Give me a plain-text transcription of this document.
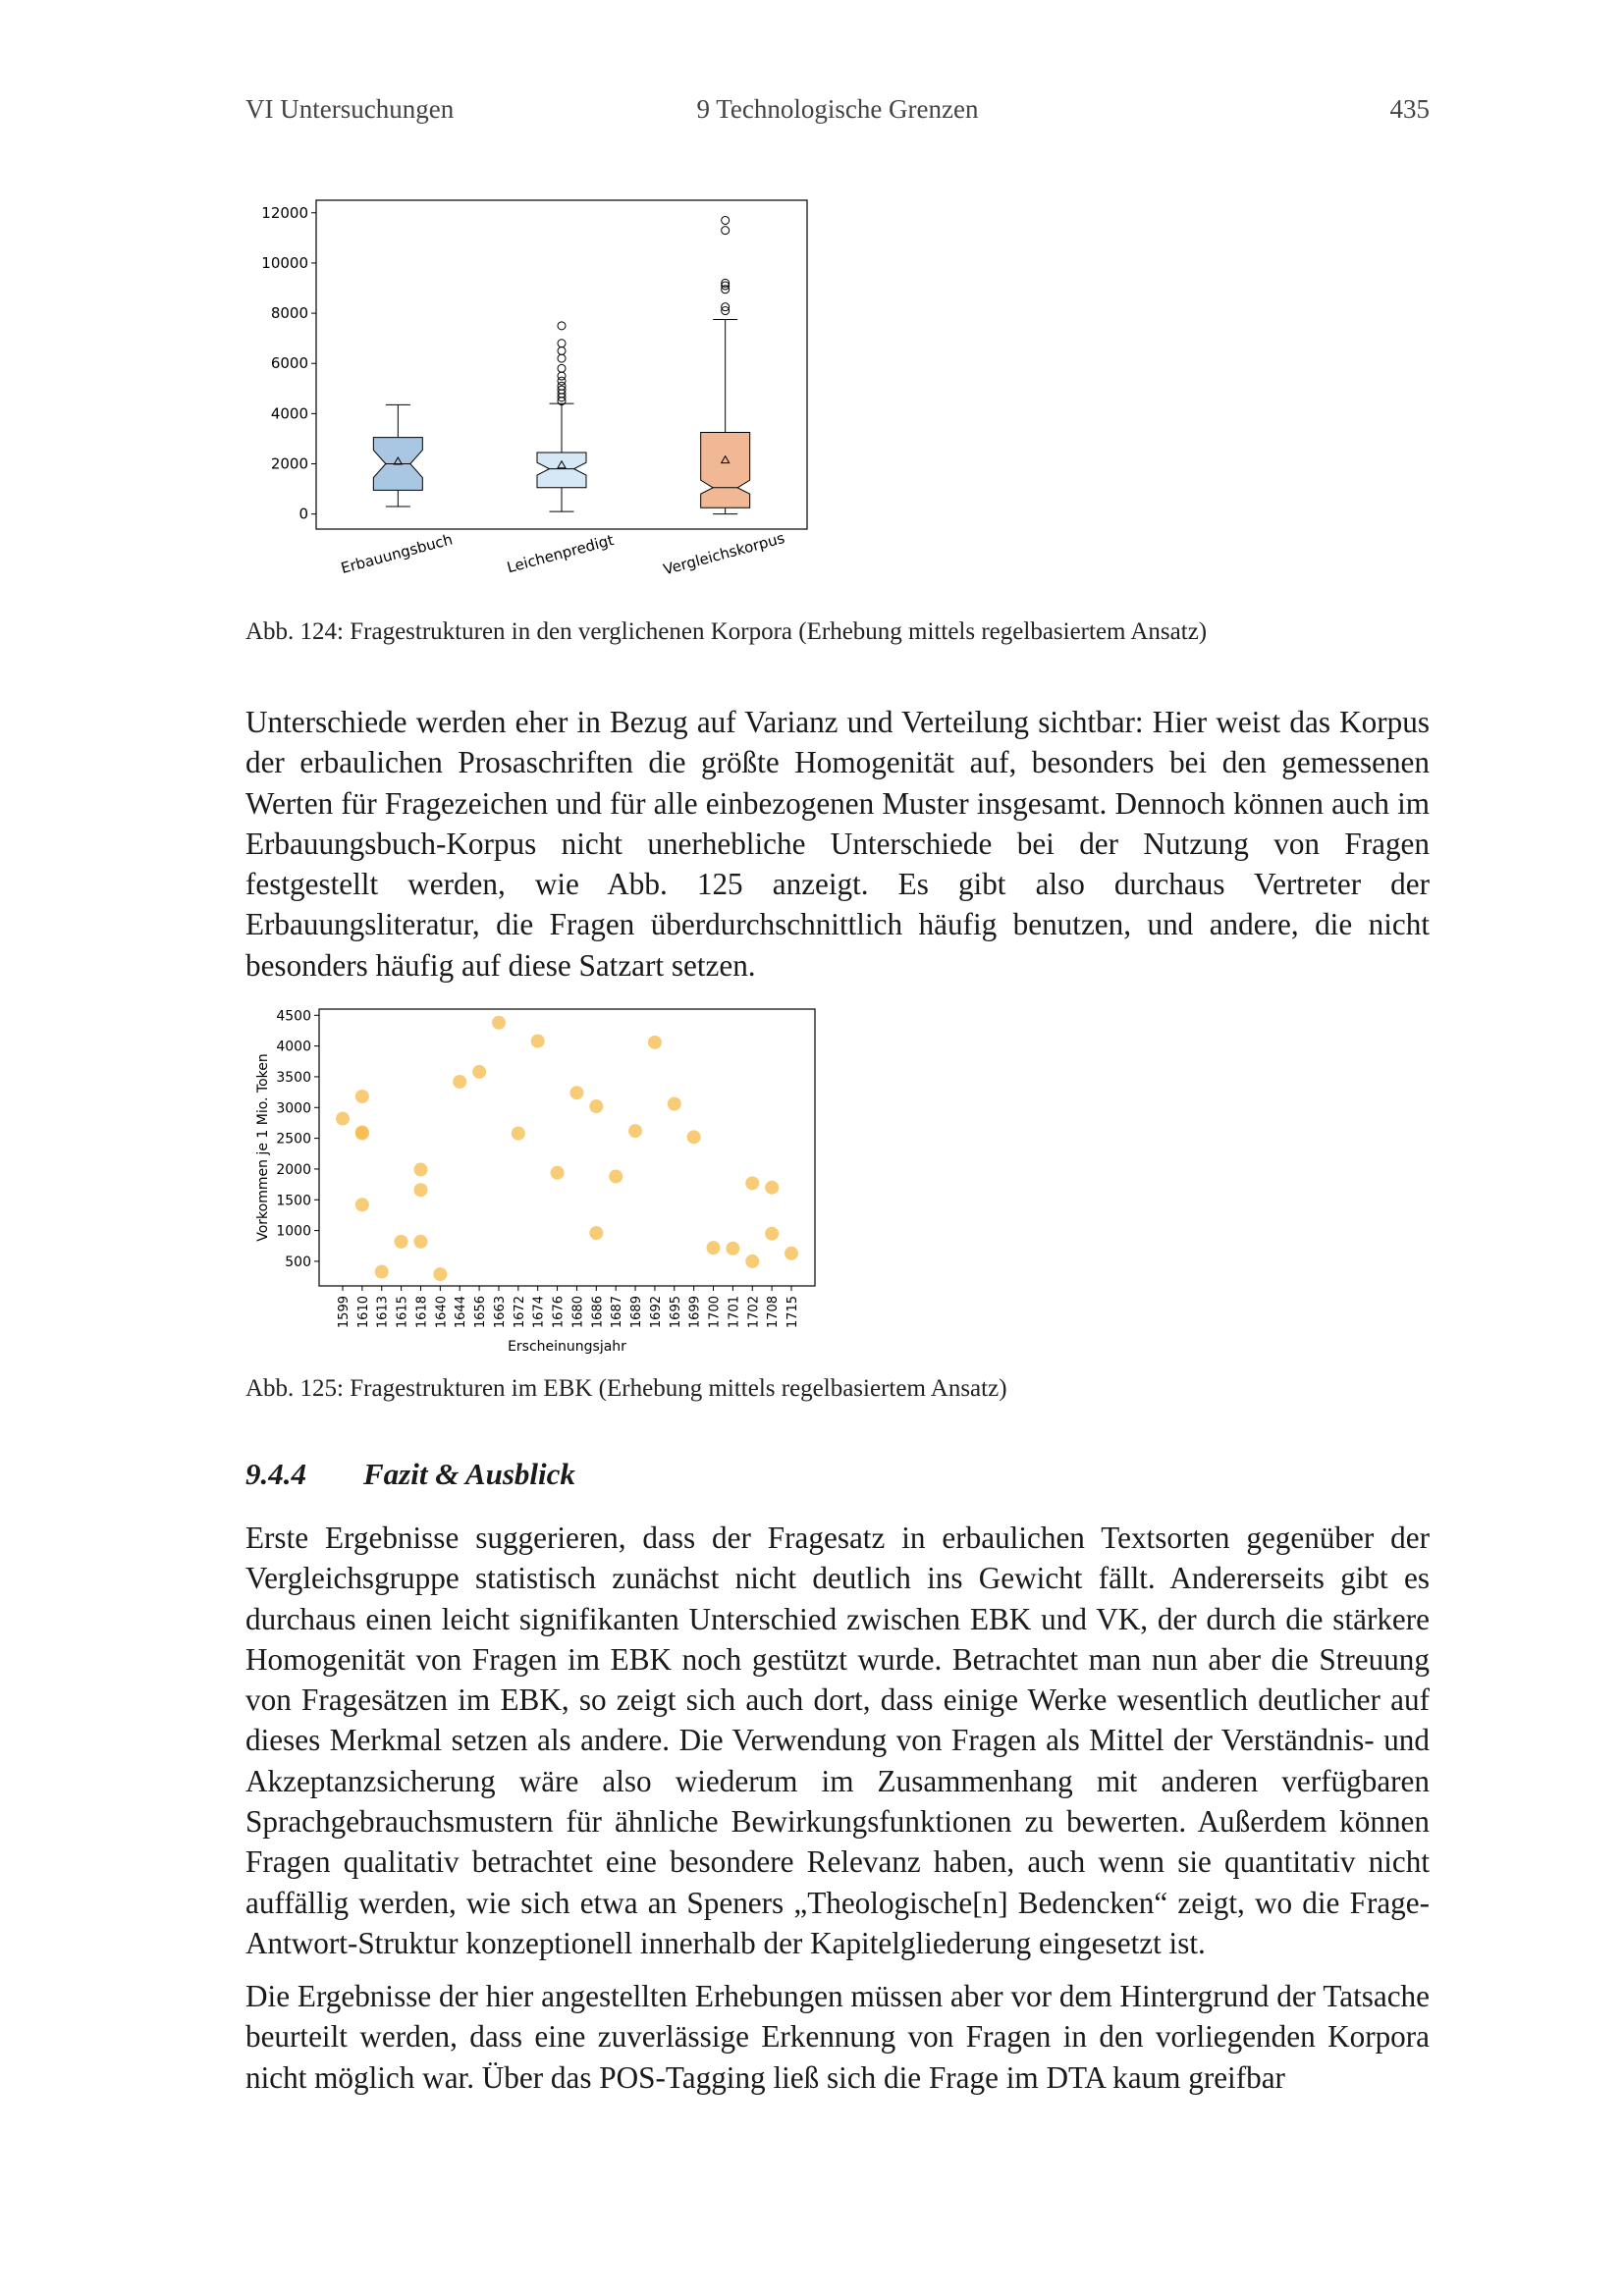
VI Untersuchungen	9 Technologische Grenzen	435
0
2000
4000
6000
8000
10000
12000
Erbauungsbuch	Leichenpredigt	Vergleichskorpus
Abb. 124: Fragestrukturen in den verglichenen Korpora (Erhebung mittels regelbasiertem Ansatz)

Unterschiede werden eher in Bezug auf Varianz und Verteilung sichtbar: Hier weist das Korpus der erbaulichen Prosaschriften die größte Homogenität auf, besonders bei den gemessenen Werten für Fragezeichen und für alle einbezogenen Muster insgesamt. Dennoch können auch im Erbauungsbuch-Korpus nicht unerhebliche Unterschiede bei der Nutzung von Fragen festgestellt werden, wie Abb. 125 anzeigt. Es gibt also durchaus Vertreter der Erbauungsliteratur, die Fragen überdurchschnittlich häufig benutzen, und andere, die nicht besonders häufig auf diese Satzart setzen.

500
1000
1500
2000
2500
3000
3500
4000
4500
1599 1610 1613 1615 1618 1640 1644 1656 1663 1672 1674 1676 1680 1686 1687 1689 1692 1695 1699 1700 1701 1702 1708 1715
Erscheinungsjahr
Vorkommen je 1 Mio. Token
Abb. 125: Fragestrukturen im EBK (Erhebung mittels regelbasiertem Ansatz)
9.4.4 Fazit & Ausblick

Erste Ergebnisse suggerieren, dass der Fragesatz in erbaulichen Textsorten gegenüber der Vergleichsgruppe statistisch zunächst nicht deutlich ins Gewicht fällt. Andererseits gibt es durchaus einen leicht signifikanten Unterschied zwischen EBK und VK, der durch die stärkere Homogenität von Fragen im EBK noch gestützt wurde. Betrachtet man nun aber die Streuung von Fragesätzen im EBK, so zeigt sich auch dort, dass einige Werke wesentlich deutlicher auf dieses Merkmal setzen als andere. Die Verwendung von Fragen als Mittel der Verständnis- und Akzeptanzsicherung wäre also wiederum im Zusammenhang mit anderen verfügbaren Sprachgebrauchsmustern für ähnliche Bewirkungsfunktionen zu bewerten. Außerdem können Fragen qualitativ betrachtet eine besondere Relevanz haben, auch wenn sie quantitativ nicht auffällig werden, wie sich etwa an Speners „Theologische[n] Bedencken“ zeigt, wo die Frage-Antwort-Struktur konzeptionell innerhalb der Kapitelgliederung eingesetzt ist.

Die Ergebnisse der hier angestellten Erhebungen müssen aber vor dem Hintergrund der Tatsache beurteilt werden, dass eine zuverlässige Erkennung von Fragen in den vorliegenden Korpora nicht möglich war. Über das POS-Tagging ließ sich die Frage im DTA kaum greifbar
